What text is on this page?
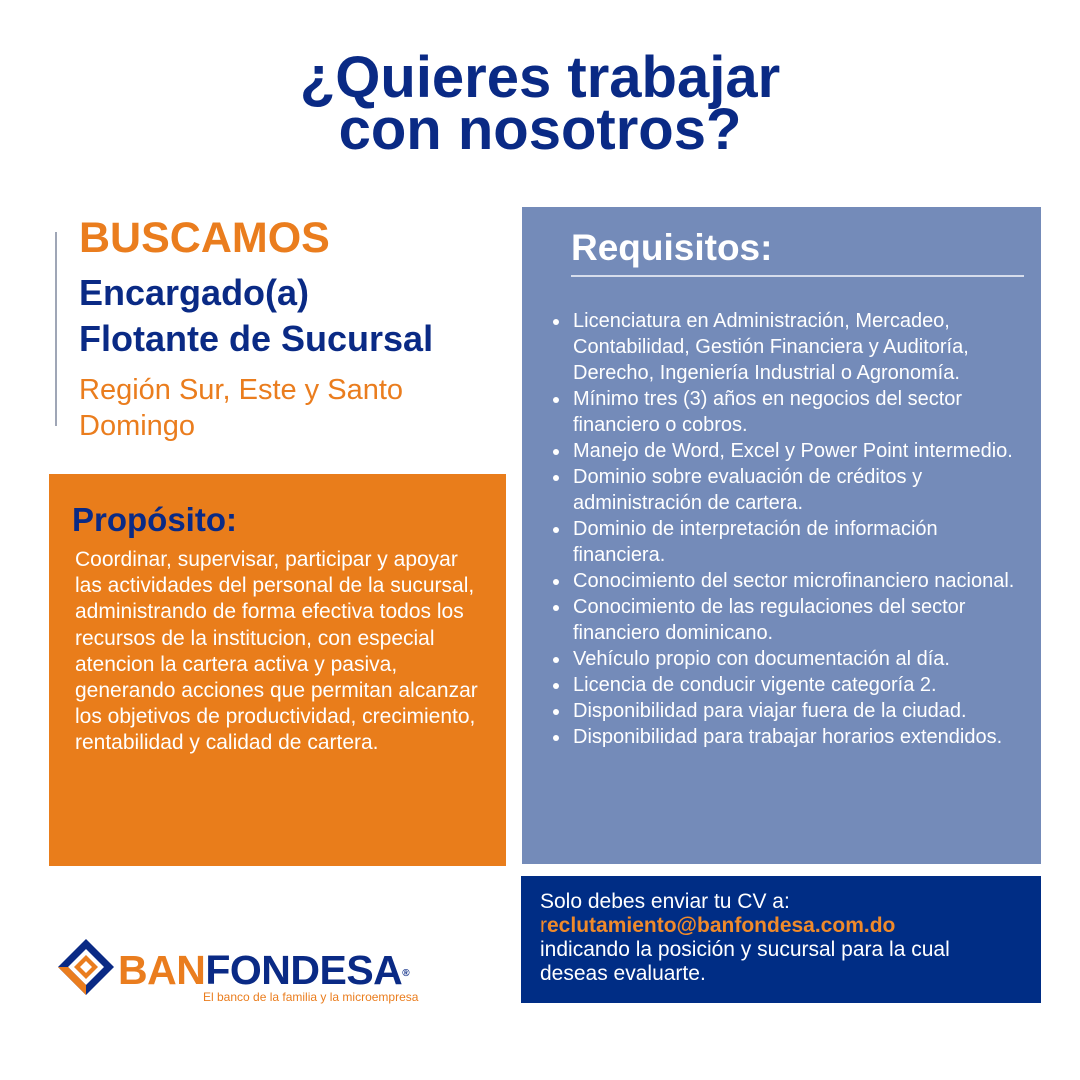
¿Quieres trabajar
con nosotros?
BUSCAMOS
Encargado(a)
Flotante de Sucursal
Región Sur, Este y Santo Domingo
Propósito:
Coordinar, supervisar, participar y apoyar las actividades del personal de la sucursal, administrando de forma efectiva todos los recursos de la institucion, con especial atencion la cartera activa y pasiva, generando acciones que permitan alcanzar los objetivos de productividad, crecimiento, rentabilidad y calidad de cartera.
Requisitos:
Licenciatura en Administración, Mercadeo, Contabilidad, Gestión Financiera y Auditoría, Derecho, Ingeniería Industrial o Agronomía.
Mínimo tres (3) años en negocios del sector financiero o cobros.
Manejo de Word, Excel y Power Point intermedio.
Dominio sobre evaluación de créditos y administración de cartera.
Dominio de interpretación de información financiera.
Conocimiento del sector microfinanciero nacional.
Conocimiento de las regulaciones del sector financiero dominicano.
Vehículo propio con documentación al día.
Licencia de conducir vigente categoría 2.
Disponibilidad para viajar fuera de la ciudad.
Disponibilidad para trabajar horarios extendidos.
Solo debes enviar tu CV a:
reclutamiento@banfondesa.com.do
indicando la posición y sucursal para la cual deseas evaluarte.
BANFONDESA®
El banco de la familia y la microempresa
